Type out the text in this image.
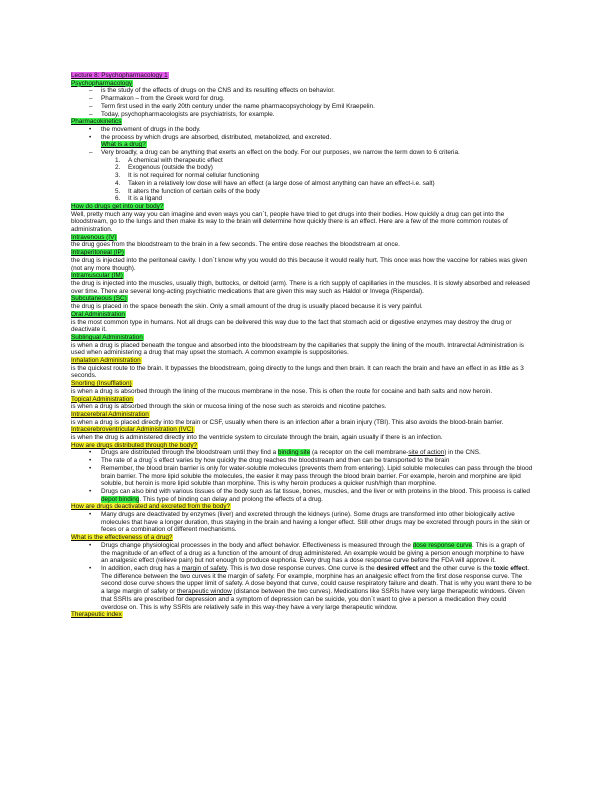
Lecture 8: Psychopharmacology 1
Psychopharmacology
–	is the study of the effects of drugs on the CNS and its resulting effects on behavior.
–	Pharmakon – from the Greek word for drug.
–	Term first used in the early 20th century under the name pharmacopsychology by Emil Kraepelin.
–	Today, psychopharmacologists are psychiatrists, for example.
Pharmacokinetics
•	the movement of drugs in the body.
•	the process by which drugs are absorbed, distributed, metabolized, and excreted.
What is a drug?
–	Very broadly, a drug can be anything that exerts an effect on the body. For our purposes, we narrow the term down to 6 criteria.
1. A chemical with therapeutic effect
2. Exogenous (outside the body)
3. It is not required for normal cellular functioning
4. Taken in a relatively low dose will have an effect (a large dose of almost anything can have an effect-i.e. salt)
5. It alters the function of certain cells of the body
6. It is a ligand
How do drugs get into our body?

Well, pretty much any way you can imagine and even ways you can`t, people have tried to get drugs into their bodies. How quickly a drug can get into the bloodstream, go to the lungs and then make its way to the brain will determine how quickly there is an effect. Here are a few of the more common routes of administration.

Intravenous (IV)

the drug goes from the bloodstream to the brain in a few seconds. The entire dose reaches the bloodstream at once.

Intraperitoneal (IP)

the drug is injected into the peritoneal cavity. I don`t know why you would do this because it would really hurt. This once was how the vaccine for rabies was given (not any more though).

Intramuscular (IM)

the drug is injected into the muscles, usually thigh, buttocks, or deltoid (arm). There is a rich supply of capillaries in the muscles. It is slowly absorbed and released over time. There are several long-acting psychiatric medications that are given this way such as Haldol or Invega (Risperdal).

Subcutaneous (SC)

the drug is placed in the space beneath the skin. Only a small amount of the drug is usually placed because it is very painful.

Oral Administration

is the most common type in humans. Not all drugs can be delivered this way due to the fact that stomach acid or digestive enzymes may destroy the drug or deactivate it.

Sublingual Administration

is when a drug is placed beneath the tongue and absorbed into the bloodstream by the capillaries that supply the lining of the mouth. Intrarectal Administration is used when administering a drug that may upset the stomach. A common example is suppositories.

Inhalation Administration

is the quickest route to the brain. It bypasses the bloodstream, going directly to the lungs and then brain. It can reach the brain and have an effect in as little as 3 seconds.

Snorting (Insufflation)

is when a drug is absorbed through the lining of the mucous membrane in the nose. This is often the route for cocaine and bath salts and now heroin.

Topical Administration

is when a drug is absorbed through the skin or mucosa lining of the nose such as steroids and nicotine patches.

Intracerebral Administration

is when a drug is placed directly into the brain or CSF, usually when there is an infection after a brain injury (TBI). This also avoids the blood-brain barrier.

Intracerebroventricular Administration (IVC)

is when the drug is administered directly into the ventricle system to circulate through the brain, again usually if there is an infection.

How are drugs distributed through the body?
•	Drugs are distributed through the bloodstream until they find a binding site (a receptor on the cell membrane-site of action) in the CNS.
•	The rate of a drug`s effect varies by how quickly the drug reaches the bloodstream and then can be transported to the brain
•	Remember, the blood brain barrier is only for water-soluble molecules (prevents them from entering). Lipid soluble molecules can pass through the blood brain barrier. The more lipid soluble the molecules, the easier it may pass through the blood brain barrier. For example, heroin and morphine are lipid soluble, but heroin is more lipid soluble than morphine. This is why heroin produces a quicker rush/high than morphine.
•	Drugs can also bind with various tissues of the body such as fat tissue, bones, muscles, and the liver or with proteins in the blood. This process is called depot binding. This type of binding can delay and prolong the effects of a drug.
How are drugs deactivated and excreted from the body?
•	Many drugs are deactivated by enzymes (liver) and excreted through the kidneys (urine). Some drugs are transformed into other biologically active molecules that have a longer duration, thus staying in the brain and having a longer effect. Still other drugs may be excreted through pours in the skin or feces or a combination of different mechanisms.
What is the effectiveness of a drug?
•	Drugs change physiological processes in the body and affect behavior. Effectiveness is measured through the dose response curve. This is a graph of the magnitude of an effect of a drug as a function of the amount of drug administered. An example would be giving a person enough morphine to have an analgesic effect (relieve pain) but not enough to produce euphoria. Every drug has a dose response curve before the FDA will approve it.
•	In addition, each drug has a margin of safety. This is two dose response curves. One curve is the desired effect and the other curve is the toxic effect. The difference between the two curves it the margin of safety. For example, morphine has an analgesic effect from the first dose response curve. The second dose curve shows the upper limit of safety. A dose beyond that curve, could cause respiratory failure and death. That is why you want there to be a large margin of safety or therapeutic window (distance between the two curves). Medications like SSRIs have very large therapeutic windows. Given that SSRIs are prescribed for depression and a symptom of depression can be suicide, you don`t want to give a person a medication they could overdose on. This is why SSRIs are relatively safe in this way-they have a very large therapeutic window.
Therapeutic index
